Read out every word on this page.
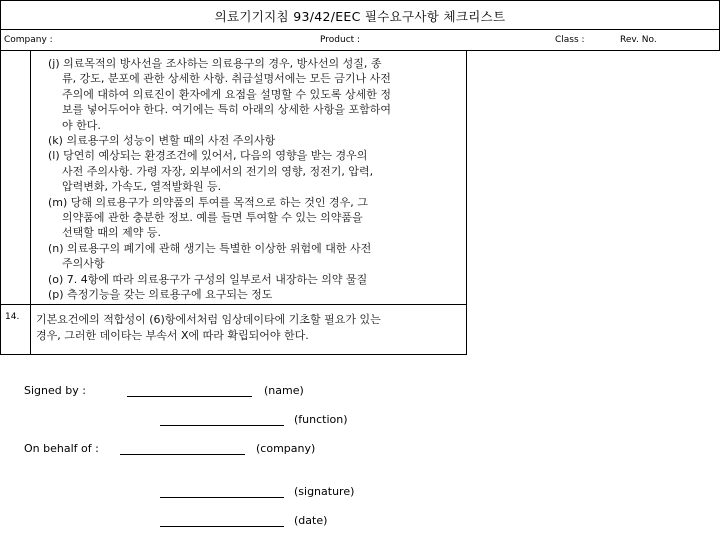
의료기기지침 93/42/EEC 필수요구사항 체크리스트
Company :	Product :	Class :	Rev. No.
(j) 의료목적의 방사선을 조사하는 의료용구의 경우, 방사선의 성질, 종
류, 강도, 분포에 관한 상세한 사항. 취급설명서에는 모든 금기나 사전
주의에 대하여 의료진이 환자에게 요점을 설명할 수 있도록 상세한 정
보를 넣어두어야 한다. 여기에는 특히 아래의 상세한 사항을 포함하여
야 한다.
(k) 의료용구의 성능이 변할 때의 사전 주의사항
(l) 당연히 예상되는 환경조건에 있어서, 다음의 영향을 받는 경우의
사전 주의사항. 가령 자장, 외부에서의 전기의 영향, 정전기, 압력,
압력변화, 가속도, 열적발화원 등.
(m) 당해 의료용구가 의약품의 투여를 목적으로 하는 것인 경우, 그
의약품에 관한 충분한 정보. 예를 들면 투여할 수 있는 의약품을
선택할 때의 제약 등.
(n) 의료용구의 폐기에 관해 생기는 특별한 이상한 위험에 대한 사전
주의사항
(o) 7. 4항에 따라 의료용구가 구성의 일부로서 내장하는 의약 물질
(p) 측정기능을 갖는 의료용구에 요구되는 정도
14. 기본요건에의 적합성이 (6)항에서처럼 임상데이타에 기초할 필요가 있는
경우, 그러한 데이타는 부속서 X에 따라 확립되어야 한다.
Signed by :	(name)
(function)
On behalf of :	(company)
(signature)
(date)
